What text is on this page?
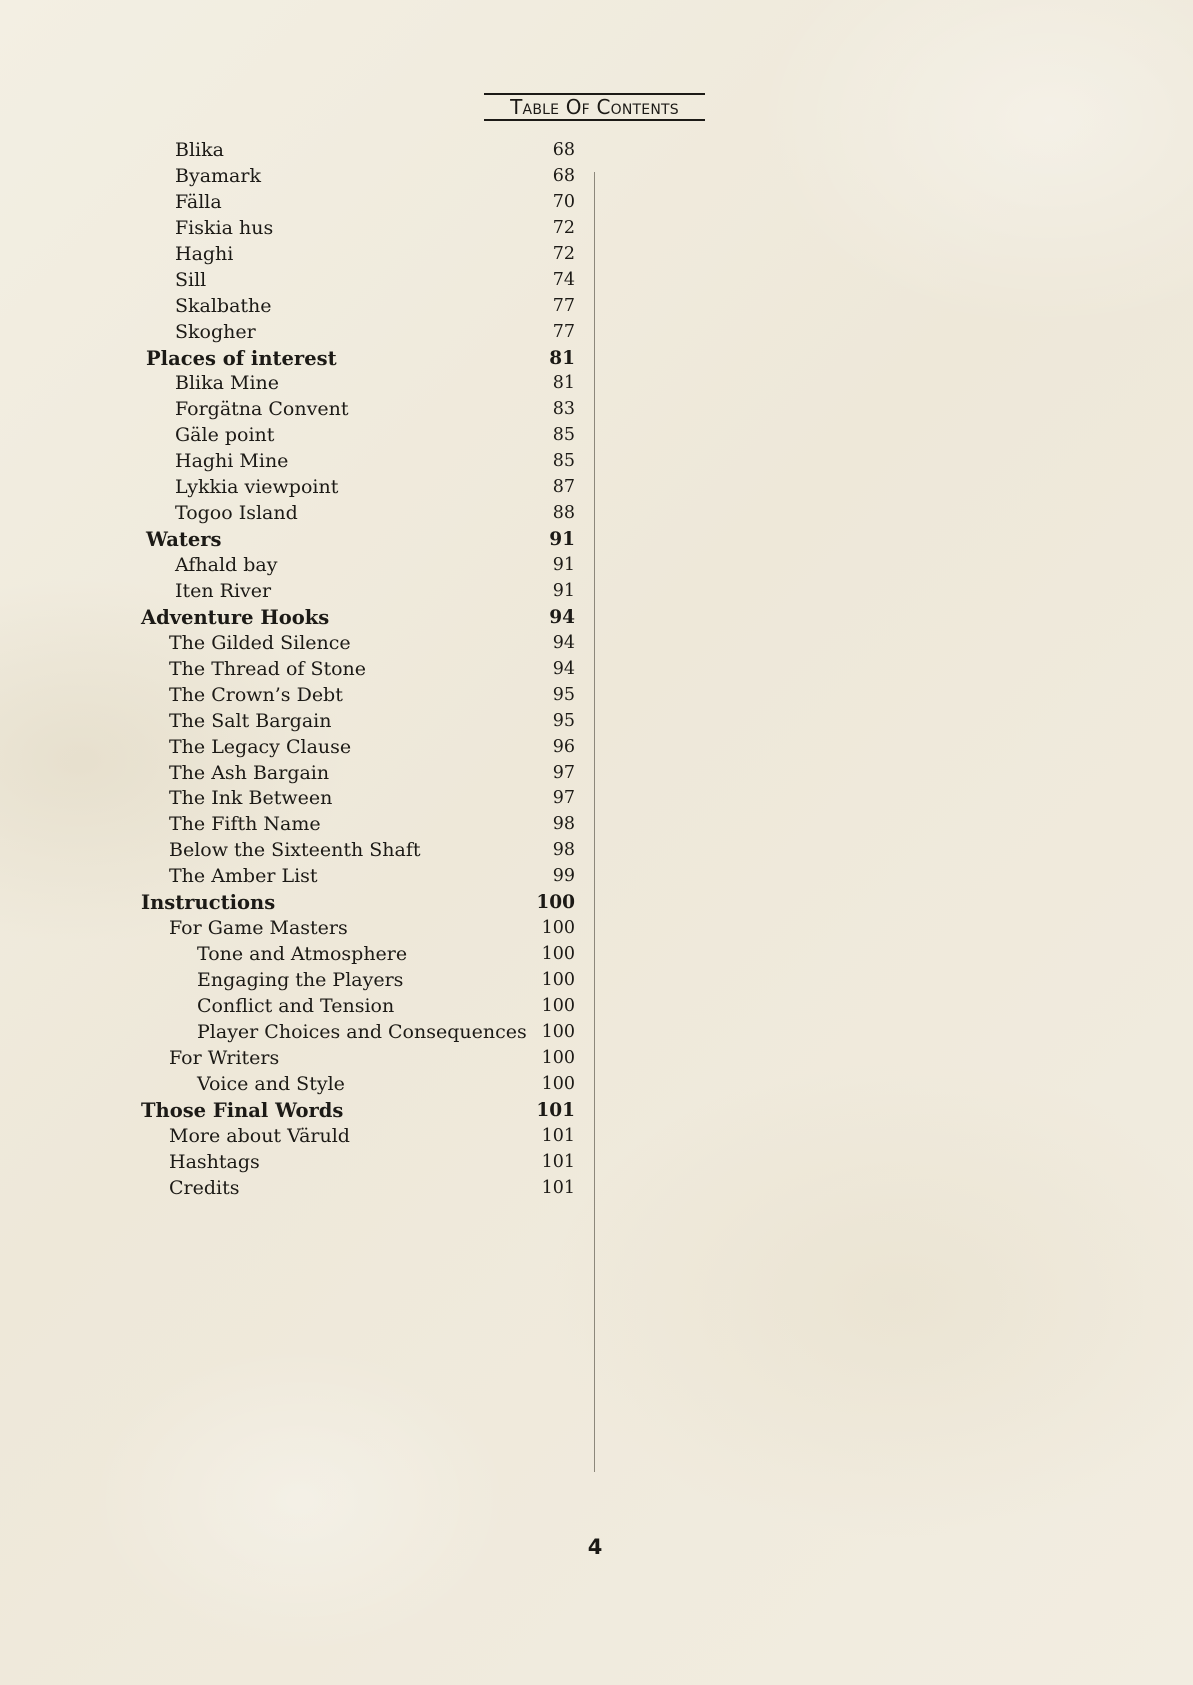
Table Of Contents
Blika	68
Byamark	68
Fälla	70
Fiskia hus	72
Haghi	72
Sill	74
Skalbathe	77
Skogher	77
Places of interest	81
Blika Mine	81
Forgätna Convent	83
Gäle point	85
Haghi Mine	85
Lykkia viewpoint	87
Togoo Island	88
Waters	91
Afhald bay	91
Iten River	91
Adventure Hooks	94
The Gilded Silence	94
The Thread of Stone	94
The Crown’s Debt	95
The Salt Bargain	95
The Legacy Clause	96
The Ash Bargain	97
The Ink Between	97
The Fifth Name	98
Below the Sixteenth Shaft	98
The Amber List	99
Instructions	100
For Game Masters	100
Tone and Atmosphere	100
Engaging the Players	100
Conflict and Tension	100
Player Choices and Consequences 100
For Writers	100
Voice and Style	100
Those Final Words	101
More about Väruld	101
Hashtags	101
Credits	101
4
